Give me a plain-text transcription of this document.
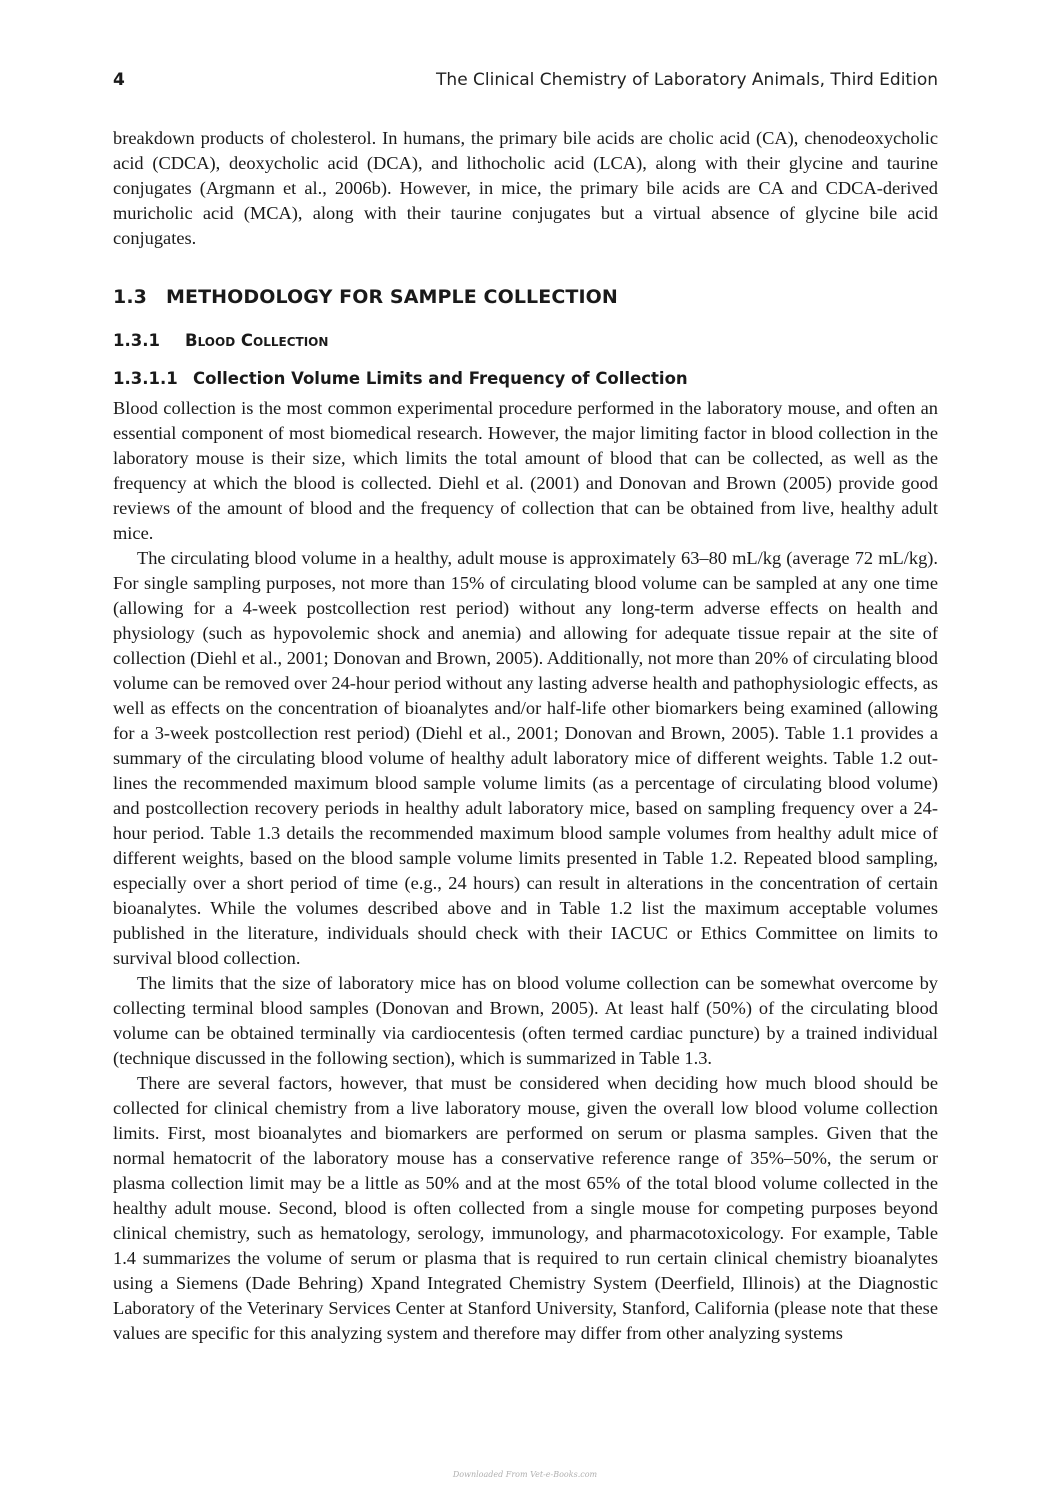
4	The Clinical Chemistry of Laboratory Animals, Third Edition

breakdown products of cholesterol. In humans, the primary bile acids are cholic acid (CA), chenodeoxycholic acid (CDCA), deoxycholic acid (DCA), and lithocholic acid (LCA), along with their glycine and taurine conjugates (Argmann et al., 2006b). However, in mice, the primary bile acids are CA and CDCA-derived muricholic acid (MCA), along with their taurine conjugates but a virtual absence of glycine bile acid conjugates.

1.3 METHODOLOGY FOR SAMPLE COLLECTION
1.3.1 Blood Collection
1.3.1.1 Collection Volume Limits and Frequency of Collection

Blood collection is the most common experimental procedure performed in the laboratory mouse, and often an essential component of most biomedical research. However, the major limiting factor in blood collection in the laboratory mouse is their size, which limits the total amount of blood that can be collected, as well as the frequency at which the blood is collected. Diehl et al. (2001) and Donovan and Brown (2005) provide good reviews of the amount of blood and the frequency of collection that can be obtained from live, healthy adult mice.

The circulating blood volume in a healthy, adult mouse is approximately 63–80 mL/kg (average 72 mL/kg). For single sampling purposes, not more than 15% of circulating blood volume can be sampled at any one time (allowing for a 4-week postcollection rest period) without any long-term adverse effects on health and physiology (such as hypovolemic shock and anemia) and allowing for adequate tissue repair at the site of collection (Diehl et al., 2001; Donovan and Brown, 2005). Additionally, not more than 20% of circulating blood volume can be removed over 24-hour period without any lasting adverse health and pathophysiologic effects, as well as effects on the concentration of bioanalytes and/or half-life other biomarkers being examined (allowing for a 3-week postcollection rest period) (Diehl et al., 2001; Donovan and Brown, 2005). Table 1.1 provides a summary of the circulating blood volume of healthy adult laboratory mice of different weights. Table 1.2 outlines the recommended maximum blood sample volume limits (as a percentage of circulating blood volume) and postcollection recovery periods in healthy adult laboratory mice, based on sampling frequency over a 24-hour period. Table 1.3 details the recommended maximum blood sample volumes from healthy adult mice of different weights, based on the blood sample volume limits presented in Table 1.2. Repeated blood sampling, especially over a short period of time (e.g., 24 hours) can result in alterations in the concentration of certain bioanalytes. While the volumes described above and in Table 1.2 list the maximum acceptable volumes published in the literature, individuals should check with their IACUC or Ethics Committee on limits to survival blood collection.

The limits that the size of laboratory mice has on blood volume collection can be somewhat overcome by collecting terminal blood samples (Donovan and Brown, 2005). At least half (50%) of the circulating blood volume can be obtained terminally via cardiocentesis (often termed cardiac puncture) by a trained individual (technique discussed in the following section), which is summarized in Table 1.3.

There are several factors, however, that must be considered when deciding how much blood should be collected for clinical chemistry from a live laboratory mouse, given the overall low blood volume collection limits. First, most bioanalytes and biomarkers are performed on serum or plasma samples. Given that the normal hematocrit of the laboratory mouse has a conservative reference range of 35%–50%, the serum or plasma collection limit may be a little as 50% and at the most 65% of the total blood volume collected in the healthy adult mouse. Second, blood is often collected from a single mouse for competing purposes beyond clinical chemistry, such as hematology, serology, immunology, and pharmacotoxicology. For example, Table 1.4 summarizes the volume of serum or plasma that is required to run certain clinical chemistry bioanalytes using a Siemens (Dade Behring) Xpand Integrated Chemistry System (Deerfield, Illinois) at the Diagnostic Laboratory of the Veterinary Services Center at Stanford University, Stanford, California (please note that these values are specific for this analyzing system and therefore may differ from other analyzing systems

Downloaded From Vet-e-Books.com
